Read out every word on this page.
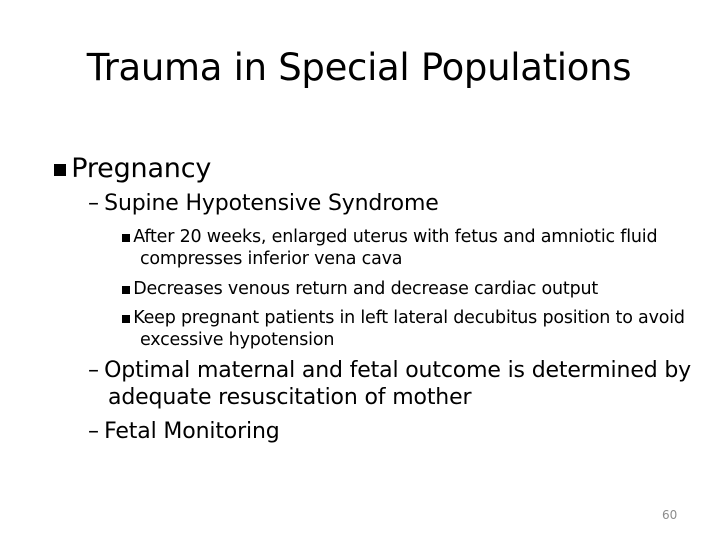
Trauma in Special Populations
Pregnancy
– Supine Hypotensive Syndrome
After 20 weeks, enlarged uterus with fetus and amniotic fluid compresses inferior vena cava
Decreases venous return and decrease cardiac output
Keep pregnant patients in left lateral decubitus position to avoid excessive hypotension
– Optimal maternal and fetal outcome is determined by adequate resuscitation of mother
– Fetal Monitoring
60
